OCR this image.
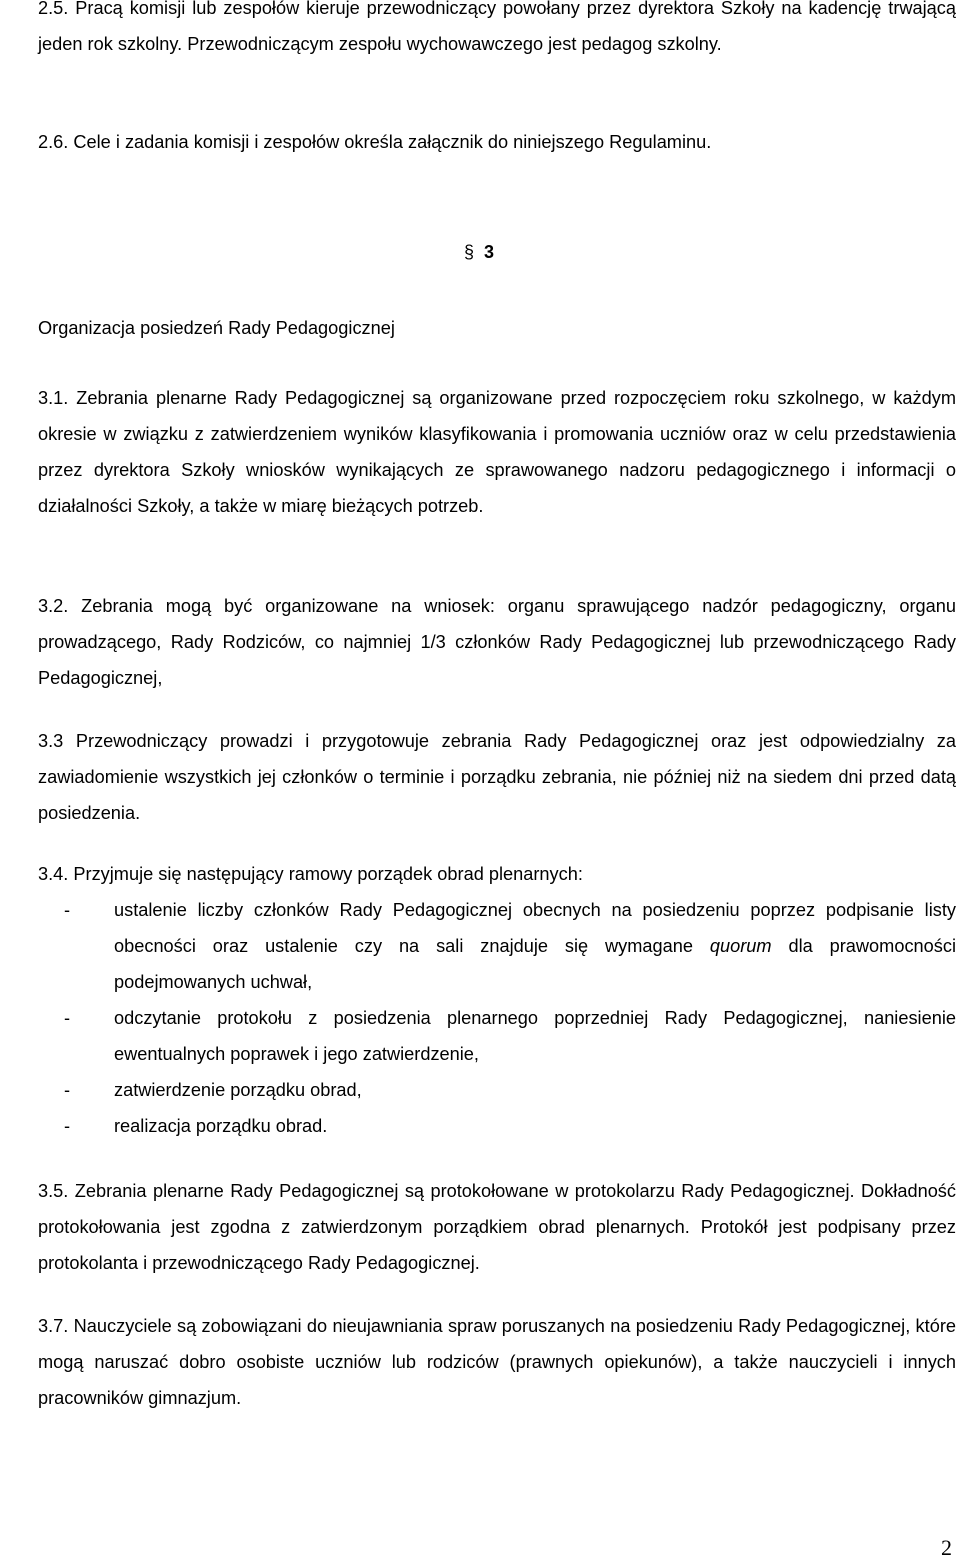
2.5. Pracą komisji lub zespołów kieruje przewodniczący powołany przez dyrektora Szkoły na kadencję trwającą jeden rok szkolny. Przewodniczącym zespołu wychowawczego jest pedagog szkolny.

2.6. Cele i zadania komisji i zespołów określa załącznik do niniejszego Regulaminu.

§ 3

Organizacja posiedzeń Rady Pedagogicznej

3.1. Zebrania plenarne Rady Pedagogicznej są organizowane przed rozpoczęciem roku szkolnego, w każdym okresie w związku z zatwierdzeniem wyników klasyfikowania i promowania uczniów oraz w celu przedstawienia przez dyrektora Szkoły wniosków wynikających ze sprawowanego nadzoru pedagogicznego i informacji o działalności Szkoły, a także w miarę bieżących potrzeb.

3.2. Zebrania mogą być organizowane na wniosek: organu sprawującego nadzór pedagogiczny, organu prowadzącego, Rady Rodziców, co najmniej 1/3 członków Rady Pedagogicznej lub przewodniczącego Rady Pedagogicznej,

3.3 Przewodniczący prowadzi i przygotowuje zebrania Rady Pedagogicznej oraz jest odpowiedzialny za zawiadomienie wszystkich jej członków o terminie i porządku zebrania, nie później niż na siedem dni przed datą posiedzenia.

3.4. Przyjmuje się następujący ramowy porządek obrad plenarnych:

- ustalenie liczby członków Rady Pedagogicznej obecnych na posiedzeniu poprzez podpisanie listy obecności oraz ustalenie czy na sali znajduje się wymagane quorum dla prawomocności podejmowanych uchwał,

- odczytanie protokołu z posiedzenia plenarnego poprzedniej Rady Pedagogicznej, naniesienie ewentualnych poprawek i jego zatwierdzenie,

- zatwierdzenie porządku obrad,

- realizacja porządku obrad.

3.5. Zebrania plenarne Rady Pedagogicznej są protokołowane w protokolarzu Rady Pedagogicznej. Dokładność protokołowania jest zgodna z zatwierdzonym porządkiem obrad plenarnych. Protokół jest podpisany przez protokolanta i przewodniczącego Rady Pedagogicznej.

3.7. Nauczyciele są zobowiązani do nieujawniania spraw poruszanych na posiedzeniu Rady Pedagogicznej, które mogą naruszać dobro osobiste uczniów lub rodziców (prawnych opiekunów), a także nauczycieli i innych pracowników gimnazjum.

2
